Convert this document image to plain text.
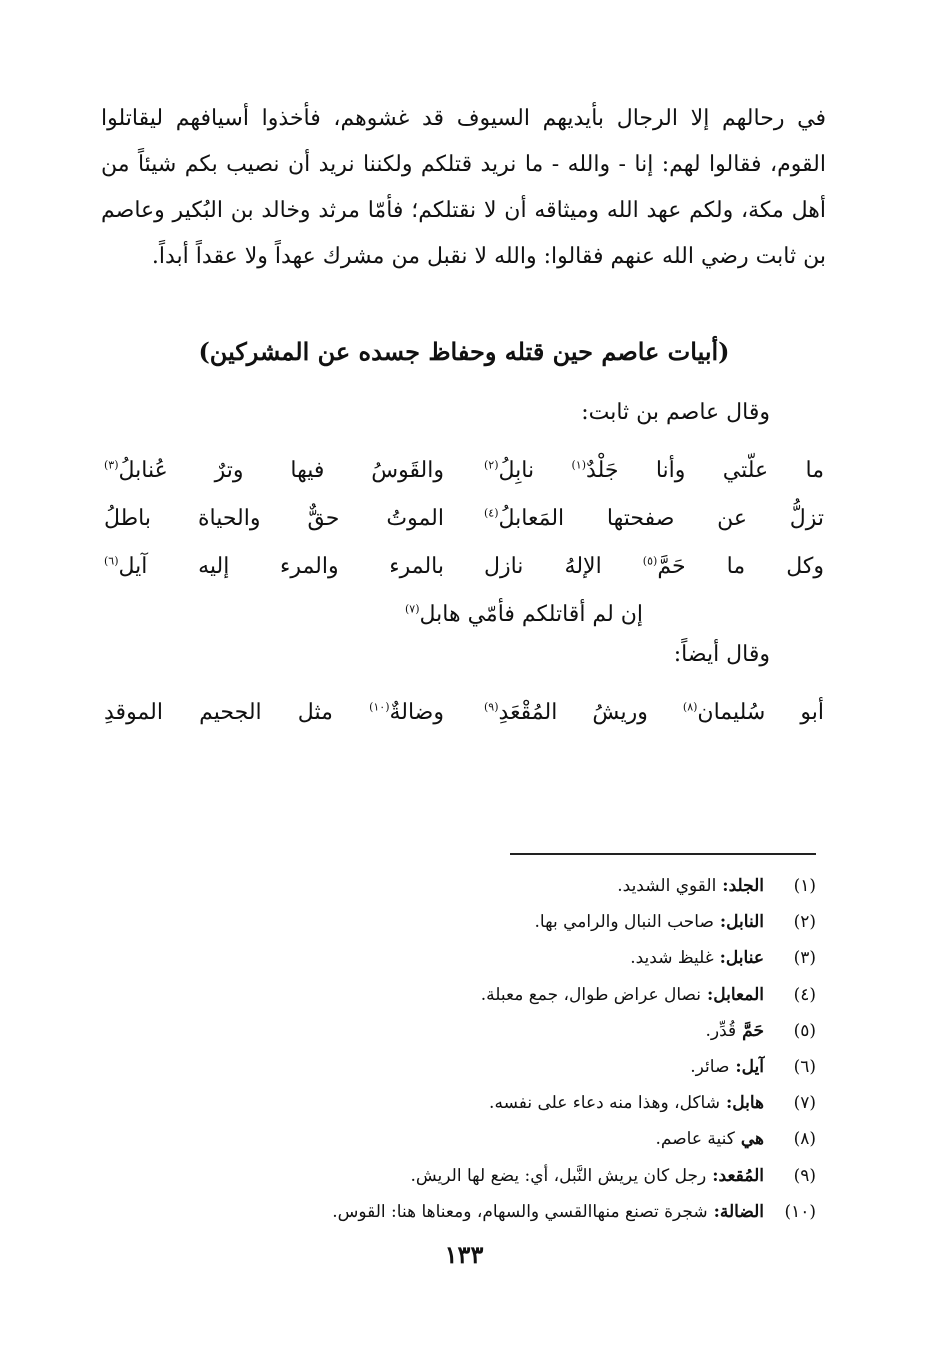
في رحالهم إلا الرجال بأيديهم السيوف قد غشوهم، فأخذوا أسيافهم ليقاتلوا القوم، فقالوا لهم: إنا - والله - ما نريد قتلكم ولكننا نريد أن نصيب بكم شيئاً من أهل مكة، ولكم عهد الله وميثاقه أن لا نقتلكم؛ فأمّا مرثد وخالد بن البُكير وعاصم بن ثابت رضي الله عنهم فقالوا: والله لا نقبل من مشرك عهداً ولا عقداً أبداً.

(أبيات عاصم حين قتله وحفاظ جسده عن المشركين)
وقال عاصم بن ثابت:
ما علّتي وأنا جَلْدٌ$^{(١)}$ نابِلُ$^{(٢)}$
والقَوسُ فيها وترٌ عُنابلُ$^{(٣)}$
تزلُّ عن صفحتها المَعابلُ$^{(٤)}$
الموتُ حقٌّ والحياة باطلُ
وكل ما حَمَّ$^{(٥)}$ الإلهُ نازل
بالمرء والمرء إليه آيل$^{(٦)}$
إن لم أقاتلكم فأمّي هابل$^{(٧)}$
وقال أيضاً:
أبو سُليمان$^{(٨)}$ وريشُ المُقْعَدِ$^{(٩)}$
وضالةٌ$^{(١٠)}$ مثل الجحيم الموقدِ
(١)
الجلد:
القوي الشديد.
(٢)
النابل:
صاحب النبال والرامي بها.
(٣)
عنابل:
غليظ شديد.
(٤)
المعابل:
نصال عراض طوال، جمع معبلة.
(٥)
حَمَّ
قُدِّر.
(٦)
آيل:
صائر.
(٧)
هابل:
شاكل، وهذا منه دعاء على نفسه.
(٨)
هي
كنية عاصم.
(٩)
المُقعد:
رجل كان يريش النَّبل، أي: يضع لها الريش.
(١٠)
الضالة:
شجرة تصنع منهاالقسي والسهام، ومعناها هنا: القوس.
١٣٣
